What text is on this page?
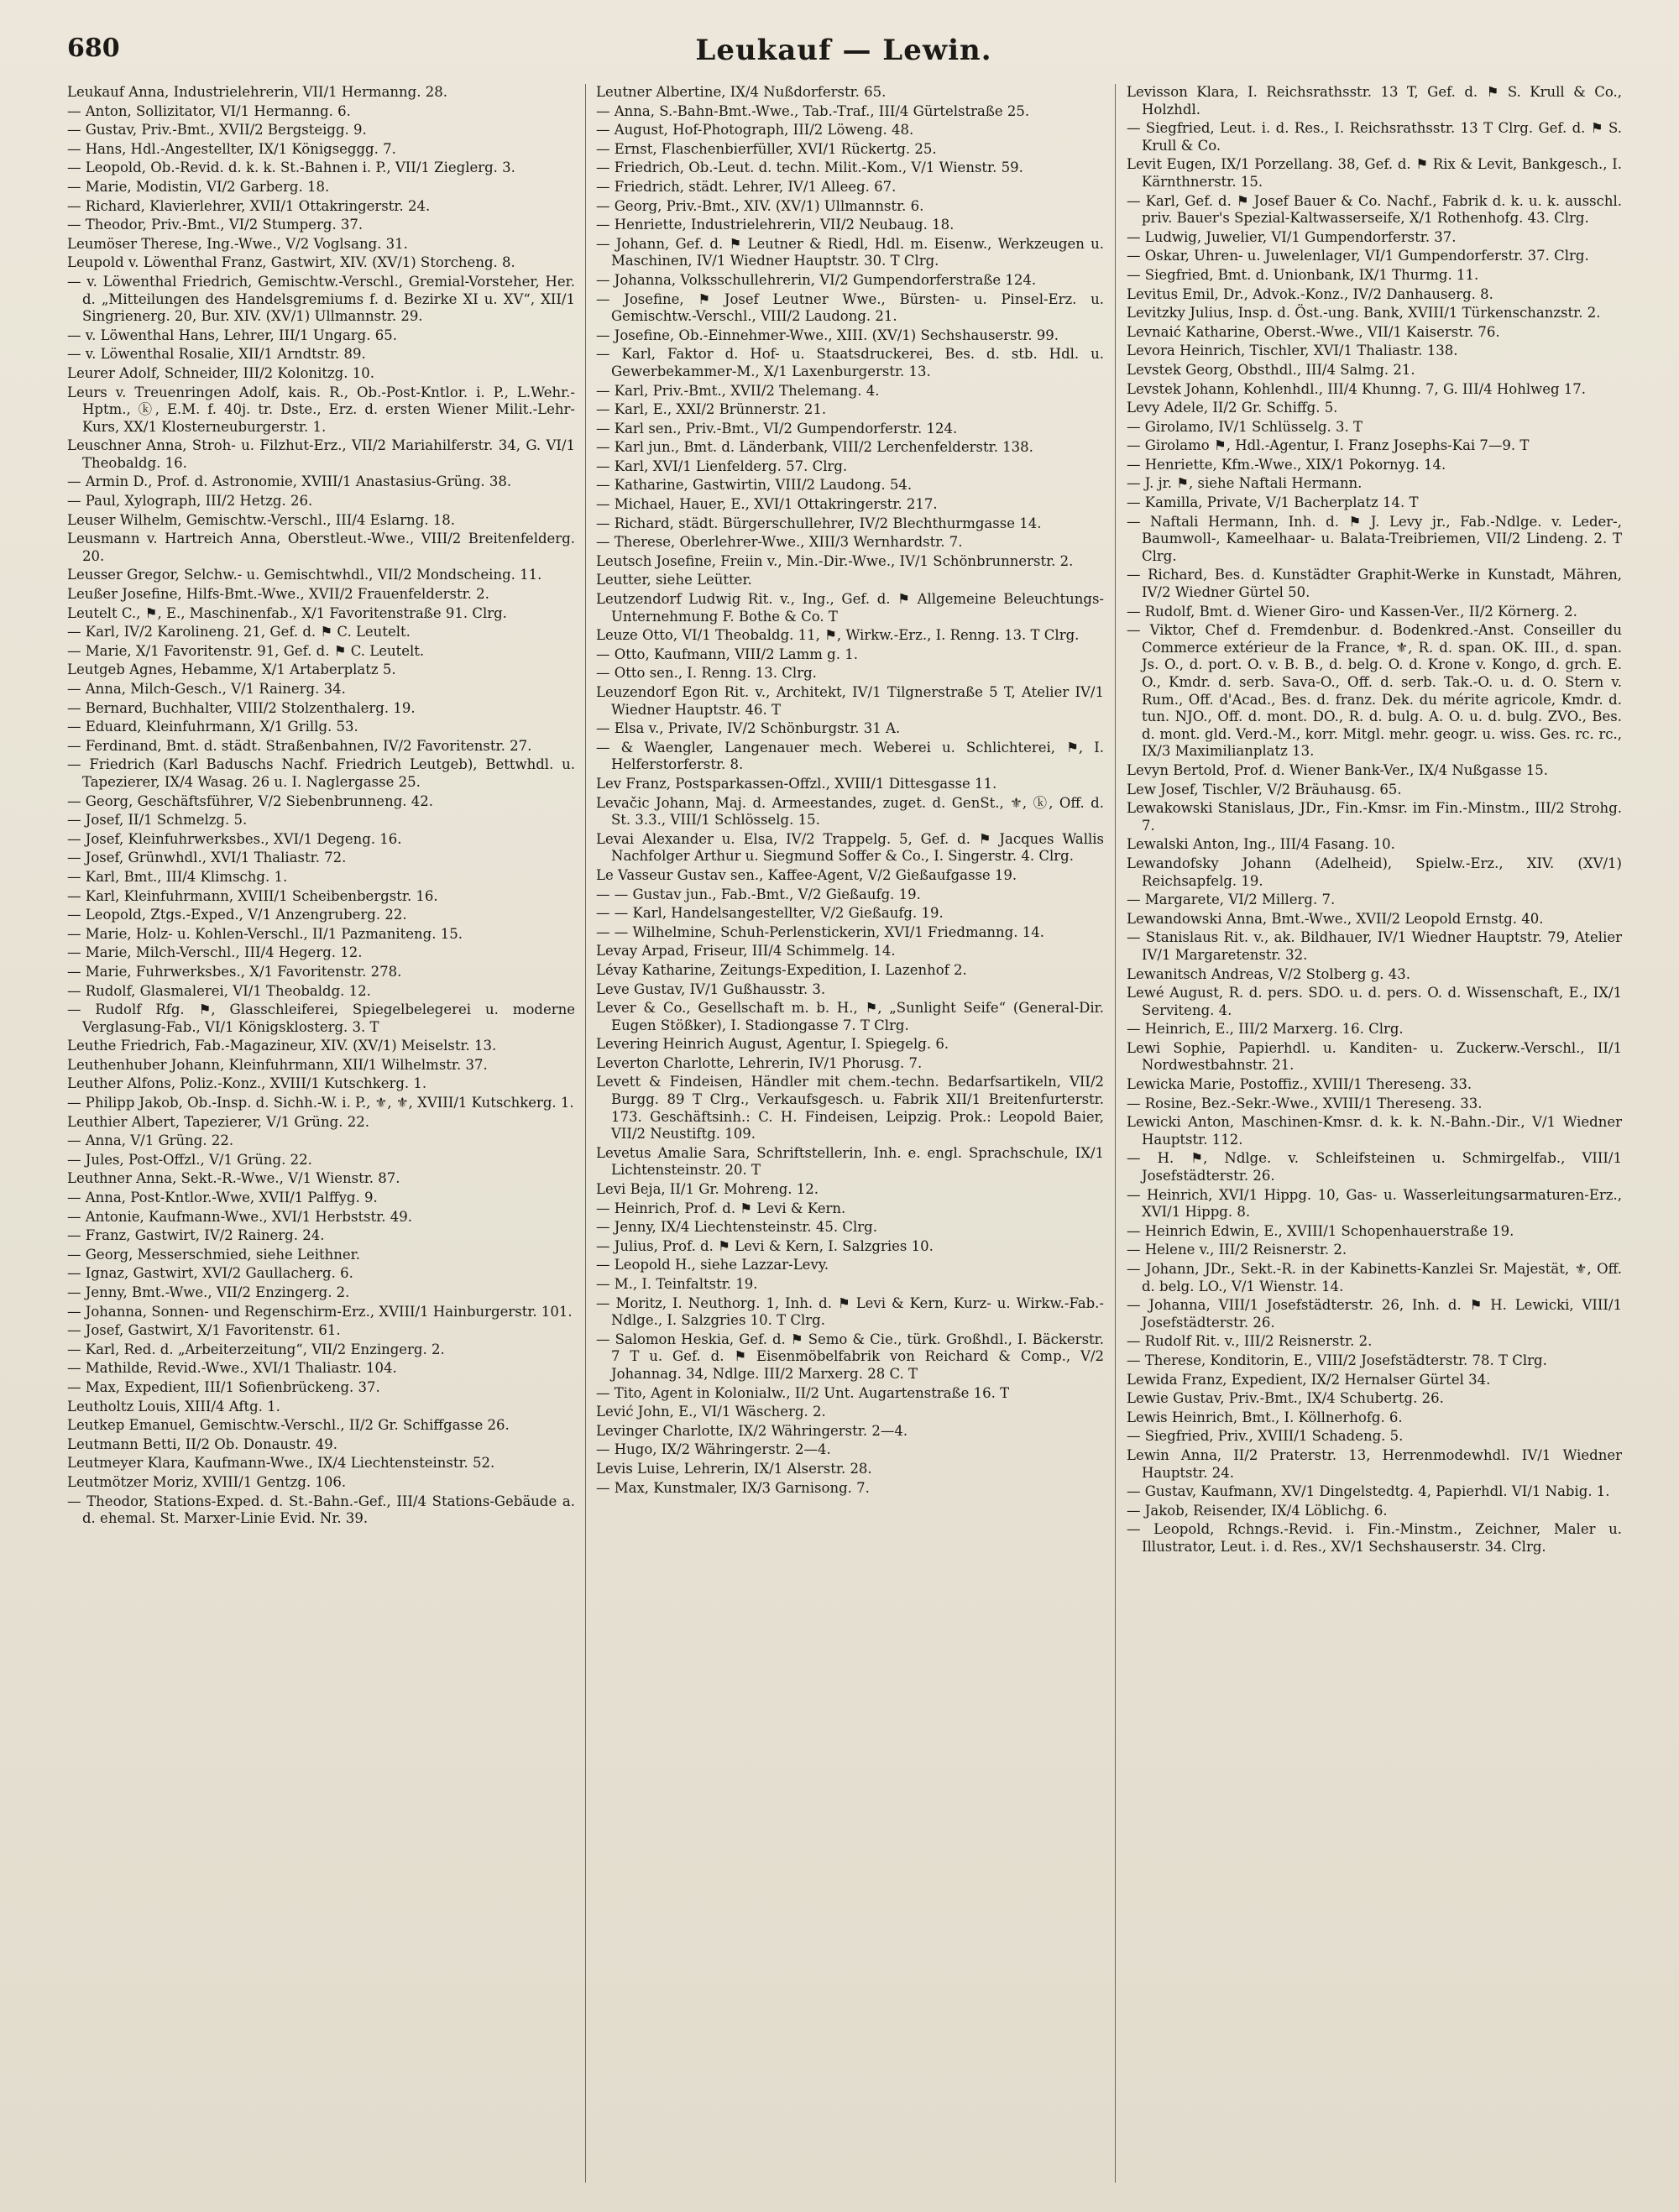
680	Leukauf — Lewin.
Leukauf Anna, Industrielehrerin, VII/1 Hermanng. 28.
— Anton, Sollizitator, VI/1 Hermanng. 6.
— Gustav, Priv.-Bmt., XVII/2 Bergsteigg. 9.
— Hans, Hdl.-Angestellter, IX/1 Königseggg. 7.
— Leopold, Ob.-Revid. d. k. k. St.-Bahnen i. P., VII/1 Zieglerg. 3.
— Marie, Modistin, VI/2 Garberg. 18.
— Richard, Klavierlehrer, XVII/1 Ottakringerstr. 24.
— Theodor, Priv.-Bmt., VI/2 Stumperg. 37.
Leumöser Therese, Ing.-Wwe., V/2 Voglsang. 31.
Leupold v. Löwenthal Franz, Gastwirt, XIV. (XV/1) Storcheng. 8.
— v. Löwenthal Friedrich, Gemischtw.-Verschl., Gremial-Vorsteher, Her. d. „Mitteilungen des Handelsgremiums f. d. Bezirke XI u. XV“, XII/1 Singrienerg. 20, Bur. XIV. (XV/1) Ullmannstr. 29.
— v. Löwenthal Hans, Lehrer, III/1 Ungarg. 65.
— v. Löwenthal Rosalie, XII/1 Arndtstr. 89.
Leurer Adolf, Schneider, III/2 Kolonitzg. 10.
Leurs v. Treuenringen Adolf, kais. R., Ob.-Post-Kntlor. i. P., L.Wehr.-Hptm., ⓚ, E.M. f. 40j. tr. Dste., Erz. d. ersten Wiener Milit.-Lehr-Kurs, XX/1 Klosterneuburgerstr. 1.
Leuschner Anna, Stroh- u. Filzhut-Erz., VII/2 Mariahilferstr. 34, G. VI/1 Theobaldg. 16.
— Armin D., Prof. d. Astronomie, XVIII/1 Anastasius-Grüng. 38.
— Paul, Xylograph, III/2 Hetzg. 26.
Leuser Wilhelm, Gemischtw.-Verschl., III/4 Eslarng. 18.
Leusmann v. Hartreich Anna, Oberstleut.-Wwe., VIII/2 Breitenfelderg. 20.
Leusser Gregor, Selchw.- u. Gemischtwhdl., VII/2 Mondscheing. 11.
Leußer Josefine, Hilfs-Bmt.-Wwe., XVII/2 Frauenfelderstr. 2.
Leutelt C., ⚑, E., Maschinenfab., X/1 Favoritenstraße 91. Clrg.
— Karl, IV/2 Karolineng. 21, Gef. d. ⚑ C. Leutelt.
— Marie, X/1 Favoritenstr. 91, Gef. d. ⚑ C. Leutelt.
Leutgeb Agnes, Hebamme, X/1 Artaberplatz 5.
— Anna, Milch-Gesch., V/1 Rainerg. 34.
— Bernard, Buchhalter, VIII/2 Stolzenthalerg. 19.
— Eduard, Kleinfuhrmann, X/1 Grillg. 53.
— Ferdinand, Bmt. d. städt. Straßenbahnen, IV/2 Favoritenstr. 27.
— Friedrich (Karl Baduschs Nachf. Friedrich Leutgeb), Bettwhdl. u. Tapezierer, IX/4 Wasag. 26 u. I. Naglergasse 25.
— Georg, Geschäftsführer, V/2 Siebenbrunneng. 42.
— Josef, II/1 Schmelzg. 5.
— Josef, Kleinfuhrwerksbes., XVI/1 Degeng. 16.
— Josef, Grünwhdl., XVI/1 Thaliastr. 72.
— Karl, Bmt., III/4 Klimschg. 1.
— Karl, Kleinfuhrmann, XVIII/1 Scheibenbergstr. 16.
— Leopold, Ztgs.-Exped., V/1 Anzengruberg. 22.
— Marie, Holz- u. Kohlen-Verschl., II/1 Pazmaniteng. 15.
— Marie, Milch-Verschl., III/4 Hegerg. 12.
— Marie, Fuhrwerksbes., X/1 Favoritenstr. 278.
— Rudolf, Glasmalerei, VI/1 Theobaldg. 12.
— Rudolf Rfg. ⚑, Glasschleiferei, Spiegelbelegerei u. moderne Verglasung-Fab., VI/1 Königsklosterg. 3. T
Leuthe Friedrich, Fab.-Magazineur, XIV. (XV/1) Meiselstr. 13.
Leuthenhuber Johann, Kleinfuhrmann, XII/1 Wilhelmstr. 37.
Leuther Alfons, Poliz.-Konz., XVIII/1 Kutschkerg. 1.
— Philipp Jakob, Ob.-Insp. d. Sichh.-W. i. P., ⚜, ⚜, XVIII/1 Kutschkerg. 1.
Leuthier Albert, Tapezierer, V/1 Grüng. 22.
— Anna, V/1 Grüng. 22.
— Jules, Post-Offzl., V/1 Grüng. 22.
Leuthner Anna, Sekt.-R.-Wwe., V/1 Wienstr. 87.
— Anna, Post-Kntlor.-Wwe, XVII/1 Palffyg. 9.
— Antonie, Kaufmann-Wwe., XVI/1 Herbststr. 49.
— Franz, Gastwirt, IV/2 Rainerg. 24.
— Georg, Messerschmied, siehe Leithner.
— Ignaz, Gastwirt, XVI/2 Gaullacherg. 6.
— Jenny, Bmt.-Wwe., VII/2 Enzingerg. 2.
— Johanna, Sonnen- und Regenschirm-Erz., XVIII/1 Hainburgerstr. 101.
— Josef, Gastwirt, X/1 Favoritenstr. 61.
— Karl, Red. d. „Arbeiterzeitung“, VII/2 Enzingerg. 2.
— Mathilde, Revid.-Wwe., XVI/1 Thaliastr. 104.
— Max, Expedient, III/1 Sofienbrückeng. 37.
Leutholtz Louis, XIII/4 Aftg. 1.
Leutkep Emanuel, Gemischtw.-Verschl., II/2 Gr. Schiffgasse 26.
Leutmann Betti, II/2 Ob. Donaustr. 49.
Leutmeyer Klara, Kaufmann-Wwe., IX/4 Liechtensteinstr. 52.
Leutmötzer Moriz, XVIII/1 Gentzg. 106.
— Theodor, Stations-Exped. d. St.-Bahn.-Gef., III/4 Stations-Gebäude a. d. ehemal. St. Marxer-Linie Evid. Nr. 39.
Leutner Albertine, IX/4 Nußdorferstr. 65.
— Anna, S.-Bahn-Bmt.-Wwe., Tab.-Traf., III/4 Gürtelstraße 25.
— August, Hof-Photograph, III/2 Löweng. 48.
— Ernst, Flaschenbierfüller, XVI/1 Rückertg. 25.
— Friedrich, Ob.-Leut. d. techn. Milit.-Kom., V/1 Wienstr. 59.
— Friedrich, städt. Lehrer, IV/1 Alleeg. 67.
— Georg, Priv.-Bmt., XIV. (XV/1) Ullmannstr. 6.
— Henriette, Industrielehrerin, VII/2 Neubaug. 18.
— Johann, Gef. d. ⚑ Leutner & Riedl, Hdl. m. Eisenw., Werkzeugen u. Maschinen, IV/1 Wiedner Hauptstr. 30. T Clrg.
— Johanna, Volksschullehrerin, VI/2 Gumpendorferstraße 124.
— Josefine, ⚑ Josef Leutner Wwe., Bürsten- u. Pinsel-Erz. u. Gemischtw.-Verschl., VIII/2 Laudong. 21.
— Josefine, Ob.-Einnehmer-Wwe., XIII. (XV/1) Sechshauserstr. 99.
— Karl, Faktor d. Hof- u. Staatsdruckerei, Bes. d. stb. Hdl. u. Gewerbekammer-M., X/1 Laxenburgerstr. 13.
— Karl, Priv.-Bmt., XVII/2 Thelemang. 4.
— Karl, E., XXI/2 Brünnerstr. 21.
— Karl sen., Priv.-Bmt., VI/2 Gumpendorferstr. 124.
— Karl jun., Bmt. d. Länderbank, VIII/2 Lerchenfelderstr. 138.
— Karl, XVI/1 Lienfelderg. 57. Clrg.
— Katharine, Gastwirtin, VIII/2 Laudong. 54.
— Michael, Hauer, E., XVI/1 Ottakringerstr. 217.
— Richard, städt. Bürgerschullehrer, IV/2 Blechthurmgasse 14.
— Therese, Oberlehrer-Wwe., XIII/3 Wernhardstr. 7.
Leutsch Josefine, Freiin v., Min.-Dir.-Wwe., IV/1 Schönbrunnerstr. 2.
Leutter, siehe Leütter.
Leutzendorf Ludwig Rit. v., Ing., Gef. d. ⚑ Allgemeine Beleuchtungs-Unternehmung F. Bothe & Co. T
Leuze Otto, VI/1 Theobaldg. 11, ⚑, Wirkw.-Erz., I. Renng. 13. T Clrg.
— Otto, Kaufmann, VIII/2 Lamm g. 1.
— Otto sen., I. Renng. 13. Clrg.
Leuzendorf Egon Rit. v., Architekt, IV/1 Tilgnerstraße 5 T, Atelier IV/1 Wiedner Hauptstr. 46. T
— Elsa v., Private, IV/2 Schönburgstr. 31 A.
— & Waengler, Langenauer mech. Weberei u. Schlichterei, ⚑, I. Helferstorferstr. 8.
Lev Franz, Postsparkassen-Offzl., XVIII/1 Dittesgasse 11.
Levačic Johann, Maj. d. Armeestandes, zuget. d. GenSt., ⚜, ⓚ, Off. d. St. 3.3., VIII/1 Schlösselg. 15.
Levai Alexander u. Elsa, IV/2 Trappelg. 5, Gef. d. ⚑ Jacques Wallis Nachfolger Arthur u. Siegmund Soffer & Co., I. Singerstr. 4. Clrg.
Le Vasseur Gustav sen., Kaffee-Agent, V/2 Gießaufgasse 19.
— — Gustav jun., Fab.-Bmt., V/2 Gießaufg. 19.
— — Karl, Handelsangestellter, V/2 Gießaufg. 19.
— — Wilhelmine, Schuh-Perlenstickerin, XVI/1 Friedmanng. 14.
Levay Arpad, Friseur, III/4 Schimmelg. 14.
Lévay Katharine, Zeitungs-Expedition, I. Lazenhof 2.
Leve Gustav, IV/1 Gußhausstr. 3.
Lever & Co., Gesellschaft m. b. H., ⚑, „Sunlight Seife“ (General-Dir. Eugen Stößker), I. Stadiongasse 7. T Clrg.
Levering Heinrich August, Agentur, I. Spiegelg. 6.
Leverton Charlotte, Lehrerin, IV/1 Phorusg. 7.
Levett & Findeisen, Händler mit chem.-techn. Bedarfsartikeln, VII/2 Burgg. 89 T Clrg., Verkaufsgesch. u. Fabrik XII/1 Breitenfurterstr. 173. Geschäftsinh.: C. H. Findeisen, Leipzig. Prok.: Leopold Baier, VII/2 Neustiftg. 109.
Levetus Amalie Sara, Schriftstellerin, Inh. e. engl. Sprachschule, IX/1 Lichtensteinstr. 20. T
Levi Beja, II/1 Gr. Mohreng. 12.
— Heinrich, Prof. d. ⚑ Levi & Kern.
— Jenny, IX/4 Liechtensteinstr. 45. Clrg.
— Julius, Prof. d. ⚑ Levi & Kern, I. Salzgries 10.
— Leopold H., siehe Lazzar-Levy.
— M., I. Teinfaltstr. 19.
— Moritz, I. Neuthorg. 1, Inh. d. ⚑ Levi & Kern, Kurz- u. Wirkw.-Fab.-Ndlge., I. Salzgries 10. T Clrg.
— Salomon Heskia, Gef. d. ⚑ Semo & Cie., türk. Großhdl., I. Bäckerstr. 7 T u. Gef. d. ⚑ Eisenmöbelfabrik von Reichard & Comp., V/2 Johannag. 34, Ndlge. III/2 Marxerg. 28 C. T
— Tito, Agent in Kolonialw., II/2 Unt. Augartenstraße 16. T
Lević John, E., VI/1 Wäscherg. 2.
Levinger Charlotte, IX/2 Währingerstr. 2—4.
— Hugo, IX/2 Währingerstr. 2—4.
Levis Luise, Lehrerin, IX/1 Alserstr. 28.
— Max, Kunstmaler, IX/3 Garnisong. 7.
Levisson Klara, I. Reichsrathsstr. 13 T, Gef. d. ⚑ S. Krull & Co., Holzhdl.
— Siegfried, Leut. i. d. Res., I. Reichsrathsstr. 13 T Clrg. Gef. d. ⚑ S. Krull & Co.
Levit Eugen, IX/1 Porzellang. 38, Gef. d. ⚑ Rix & Levit, Bankgesch., I. Kärnthnerstr. 15.
— Karl, Gef. d. ⚑ Josef Bauer & Co. Nachf., Fabrik d. k. u. k. ausschl. priv. Bauer's Spezial-Kaltwasserseife, X/1 Rothenhofg. 43. Clrg.
— Ludwig, Juwelier, VI/1 Gumpendorferstr. 37.
— Oskar, Uhren- u. Juwelenlager, VI/1 Gumpendorferstr. 37. Clrg.
— Siegfried, Bmt. d. Unionbank, IX/1 Thurmg. 11.
Levitus Emil, Dr., Advok.-Konz., IV/2 Danhauserg. 8.
Levitzky Julius, Insp. d. Öst.-ung. Bank, XVIII/1 Türkenschanzstr. 2.
Levnaić Katharine, Oberst.-Wwe., VII/1 Kaiserstr. 76.
Levora Heinrich, Tischler, XVI/1 Thaliastr. 138.
Levstek Georg, Obsthdl., III/4 Salmg. 21.
Levstek Johann, Kohlenhdl., III/4 Khunng. 7, G. III/4 Hohlweg 17.
Levy Adele, II/2 Gr. Schiffg. 5.
— Girolamo, IV/1 Schlüsselg. 3. T
— Girolamo ⚑, Hdl.-Agentur, I. Franz Josephs-Kai 7—9. T
— Henriette, Kfm.-Wwe., XIX/1 Pokornyg. 14.
— J. jr. ⚑, siehe Naftali Hermann.
— Kamilla, Private, V/1 Bacherplatz 14. T
— Naftali Hermann, Inh. d. ⚑ J. Levy jr., Fab.-Ndlge. v. Leder-, Baumwoll-, Kameelhaar- u. Balata-Treibriemen, VII/2 Lindeng. 2. T Clrg.
— Richard, Bes. d. Kunstädter Graphit-Werke in Kunstadt, Mähren, IV/2 Wiedner Gürtel 50.
— Rudolf, Bmt. d. Wiener Giro- und Kassen-Ver., II/2 Körnerg. 2.
— Viktor, Chef d. Fremdenbur. d. Bodenkred.-Anst. Conseiller du Commerce extérieur de la France, ⚜, R. d. span. OK. III., d. span. Js. O., d. port. O. v. B. B., d. belg. O. d. Krone v. Kongo, d. grch. E. O., Kmdr. d. serb. Sava-O., Off. d. serb. Tak.-O. u. d. O. Stern v. Rum., Off. d'Acad., Bes. d. franz. Dek. du mérite agricole, Kmdr. d. tun. NJO., Off. d. mont. DO., R. d. bulg. A. O. u. d. bulg. ZVO., Bes. d. mont. gld. Verd.-M., korr. Mitgl. mehr. geogr. u. wiss. Ges. rc. rc., IX/3 Maximilianplatz 13.
Levyn Bertold, Prof. d. Wiener Bank-Ver., IX/4 Nußgasse 15.
Lew Josef, Tischler, V/2 Bräuhausg. 65.
Lewakowski Stanislaus, JDr., Fin.-Kmsr. im Fin.-Minstm., III/2 Strohg. 7.
Lewalski Anton, Ing., III/4 Fasang. 10.
Lewandofsky Johann (Adelheid), Spielw.-Erz., XIV. (XV/1) Reichsapfelg. 19.
— Margarete, VI/2 Millerg. 7.
Lewandowski Anna, Bmt.-Wwe., XVII/2 Leopold Ernstg. 40.
— Stanislaus Rit. v., ak. Bildhauer, IV/1 Wiedner Hauptstr. 79, Atelier IV/1 Margaretenstr. 32.
Lewanitsch Andreas, V/2 Stolberg g. 43.
Lewé August, R. d. pers. SDO. u. d. pers. O. d. Wissenschaft, E., IX/1 Serviteng. 4.
— Heinrich, E., III/2 Marxerg. 16. Clrg.
Lewi Sophie, Papierhdl. u. Kanditen- u. Zuckerw.-Verschl., II/1 Nordwestbahnstr. 21.
Lewicka Marie, Postoffiz., XVIII/1 Thereseng. 33.
— Rosine, Bez.-Sekr.-Wwe., XVIII/1 Thereseng. 33.
Lewicki Anton, Maschinen-Kmsr. d. k. k. N.-Bahn.-Dir., V/1 Wiedner Hauptstr. 112.
— H. ⚑, Ndlge. v. Schleifsteinen u. Schmirgelfab., VIII/1 Josefstädterstr. 26.
— Heinrich, XVI/1 Hippg. 10, Gas- u. Wasserleitungsarmaturen-Erz., XVI/1 Hippg. 8.
— Heinrich Edwin, E., XVIII/1 Schopenhauerstraße 19.
— Helene v., III/2 Reisnerstr. 2.
— Johann, JDr., Sekt.-R. in der Kabinetts-Kanzlei Sr. Majestät, ⚜, Off. d. belg. LO., V/1 Wienstr. 14.
— Johanna, VIII/1 Josefstädterstr. 26, Inh. d. ⚑ H. Lewicki, VIII/1 Josefstädterstr. 26.
— Rudolf Rit. v., III/2 Reisnerstr. 2.
— Therese, Konditorin, E., VIII/2 Josefstädterstr. 78. T Clrg.
Lewida Franz, Expedient, IX/2 Hernalser Gürtel 34.
Lewie Gustav, Priv.-Bmt., IX/4 Schubertg. 26.
Lewis Heinrich, Bmt., I. Köllnerhofg. 6.
— Siegfried, Priv., XVIII/1 Schadeng. 5.
Lewin Anna, II/2 Praterstr. 13, Herrenmodewhdl. IV/1 Wiedner Hauptstr. 24.
— Gustav, Kaufmann, XV/1 Dingelstedtg. 4, Papierhdl. VI/1 Nabig. 1.
— Jakob, Reisender, IX/4 Löblichg. 6.
— Leopold, Rchngs.-Revid. i. Fin.-Minstm., Zeichner, Maler u. Illustrator, Leut. i. d. Res., XV/1 Sechshauserstr. 34. Clrg.
